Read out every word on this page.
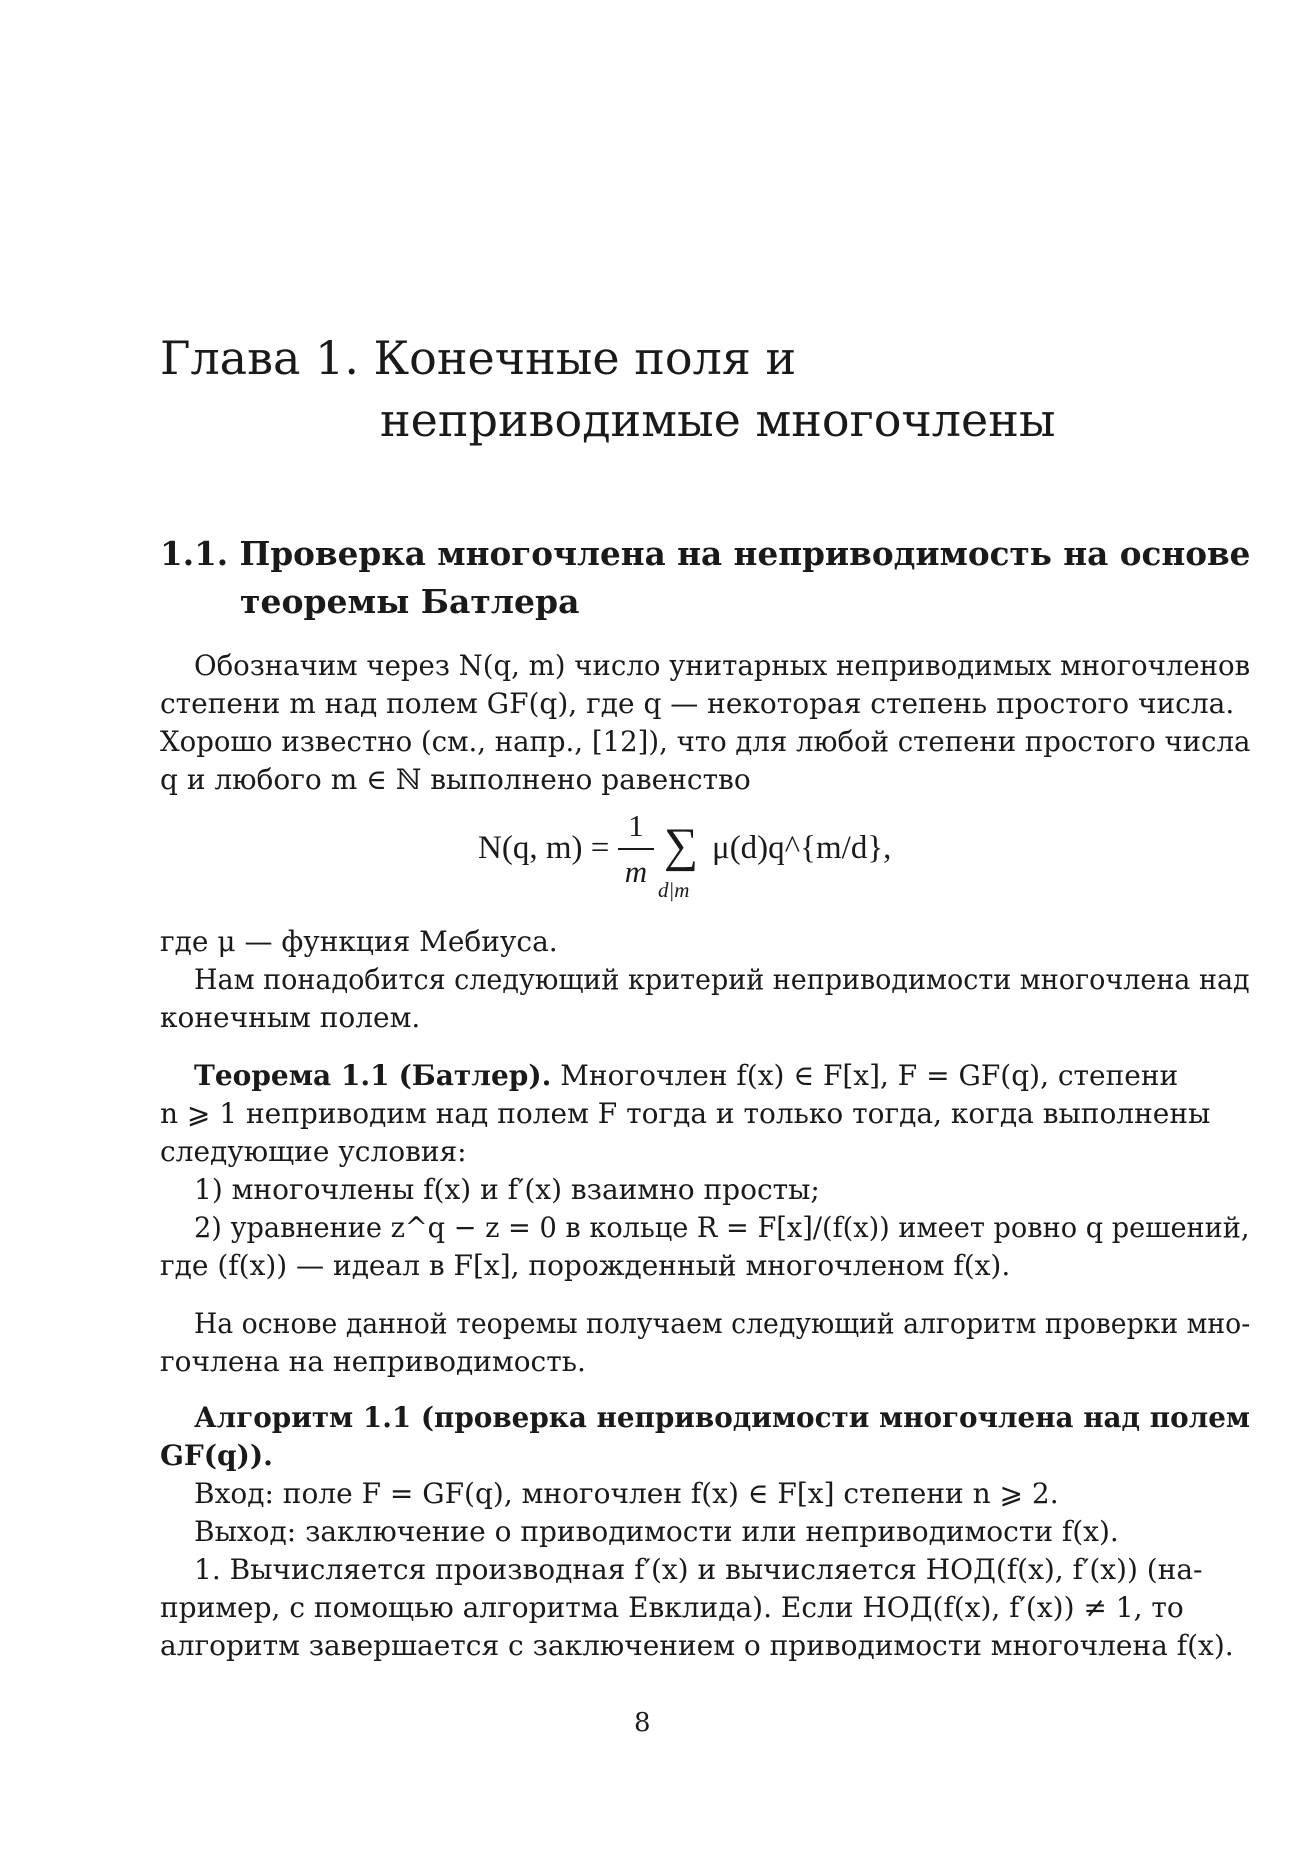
Глава 1. Конечные поля и
неприводимые многочлены
1.1. Проверка многочлена на неприводимость на основе
теоремы Батлера
Обозначим через N(q, m) число унитарных неприводимых многочленов
степени m над полем GF(q), где q — некоторая степень простого числа.
Хорошо известно (см., напр., [12]), что для любой степени простого числа
q и любого m ∈ ℕ выполнено равенство
N(q, m) =
1
m ∑
d|m
μ(d)q^{m/d},
где μ — функция Мебиуса.
Нам понадобится следующий критерий неприводимости многочлена над
конечным полем.
Теорема 1.1 (Батлер). Многочлен f(x) ∈ F[x], F = GF(q), степени
n ⩾ 1 неприводим над полем F тогда и только тогда, когда выполнены
следующие условия:
1) многочлены f(x) и f′(x) взаимно просты;
2) уравнение z^q − z = 0 в кольце R = F[x]/(f(x)) имеет ровно q решений,
где (f(x)) — идеал в F[x], порожденный многочленом f(x).
На основе данной теоремы получаем следующий алгоритм проверки мно-
гочлена на неприводимость.
Алгоритм 1.1 (проверка неприводимости многочлена над полем
GF(q)).
Вход: поле F = GF(q), многочлен f(x) ∈ F[x] степени n ⩾ 2.
Выход: заключение о приводимости или неприводимости f(x).
1. Вычисляется производная f′(x) и вычисляется НОД(f(x), f′(x)) (на-
пример, с помощью алгоритма Евклида). Если НОД(f(x), f′(x)) ≠ 1, то
алгоритм завершается с заключением о приводимости многочлена f(x).
8
